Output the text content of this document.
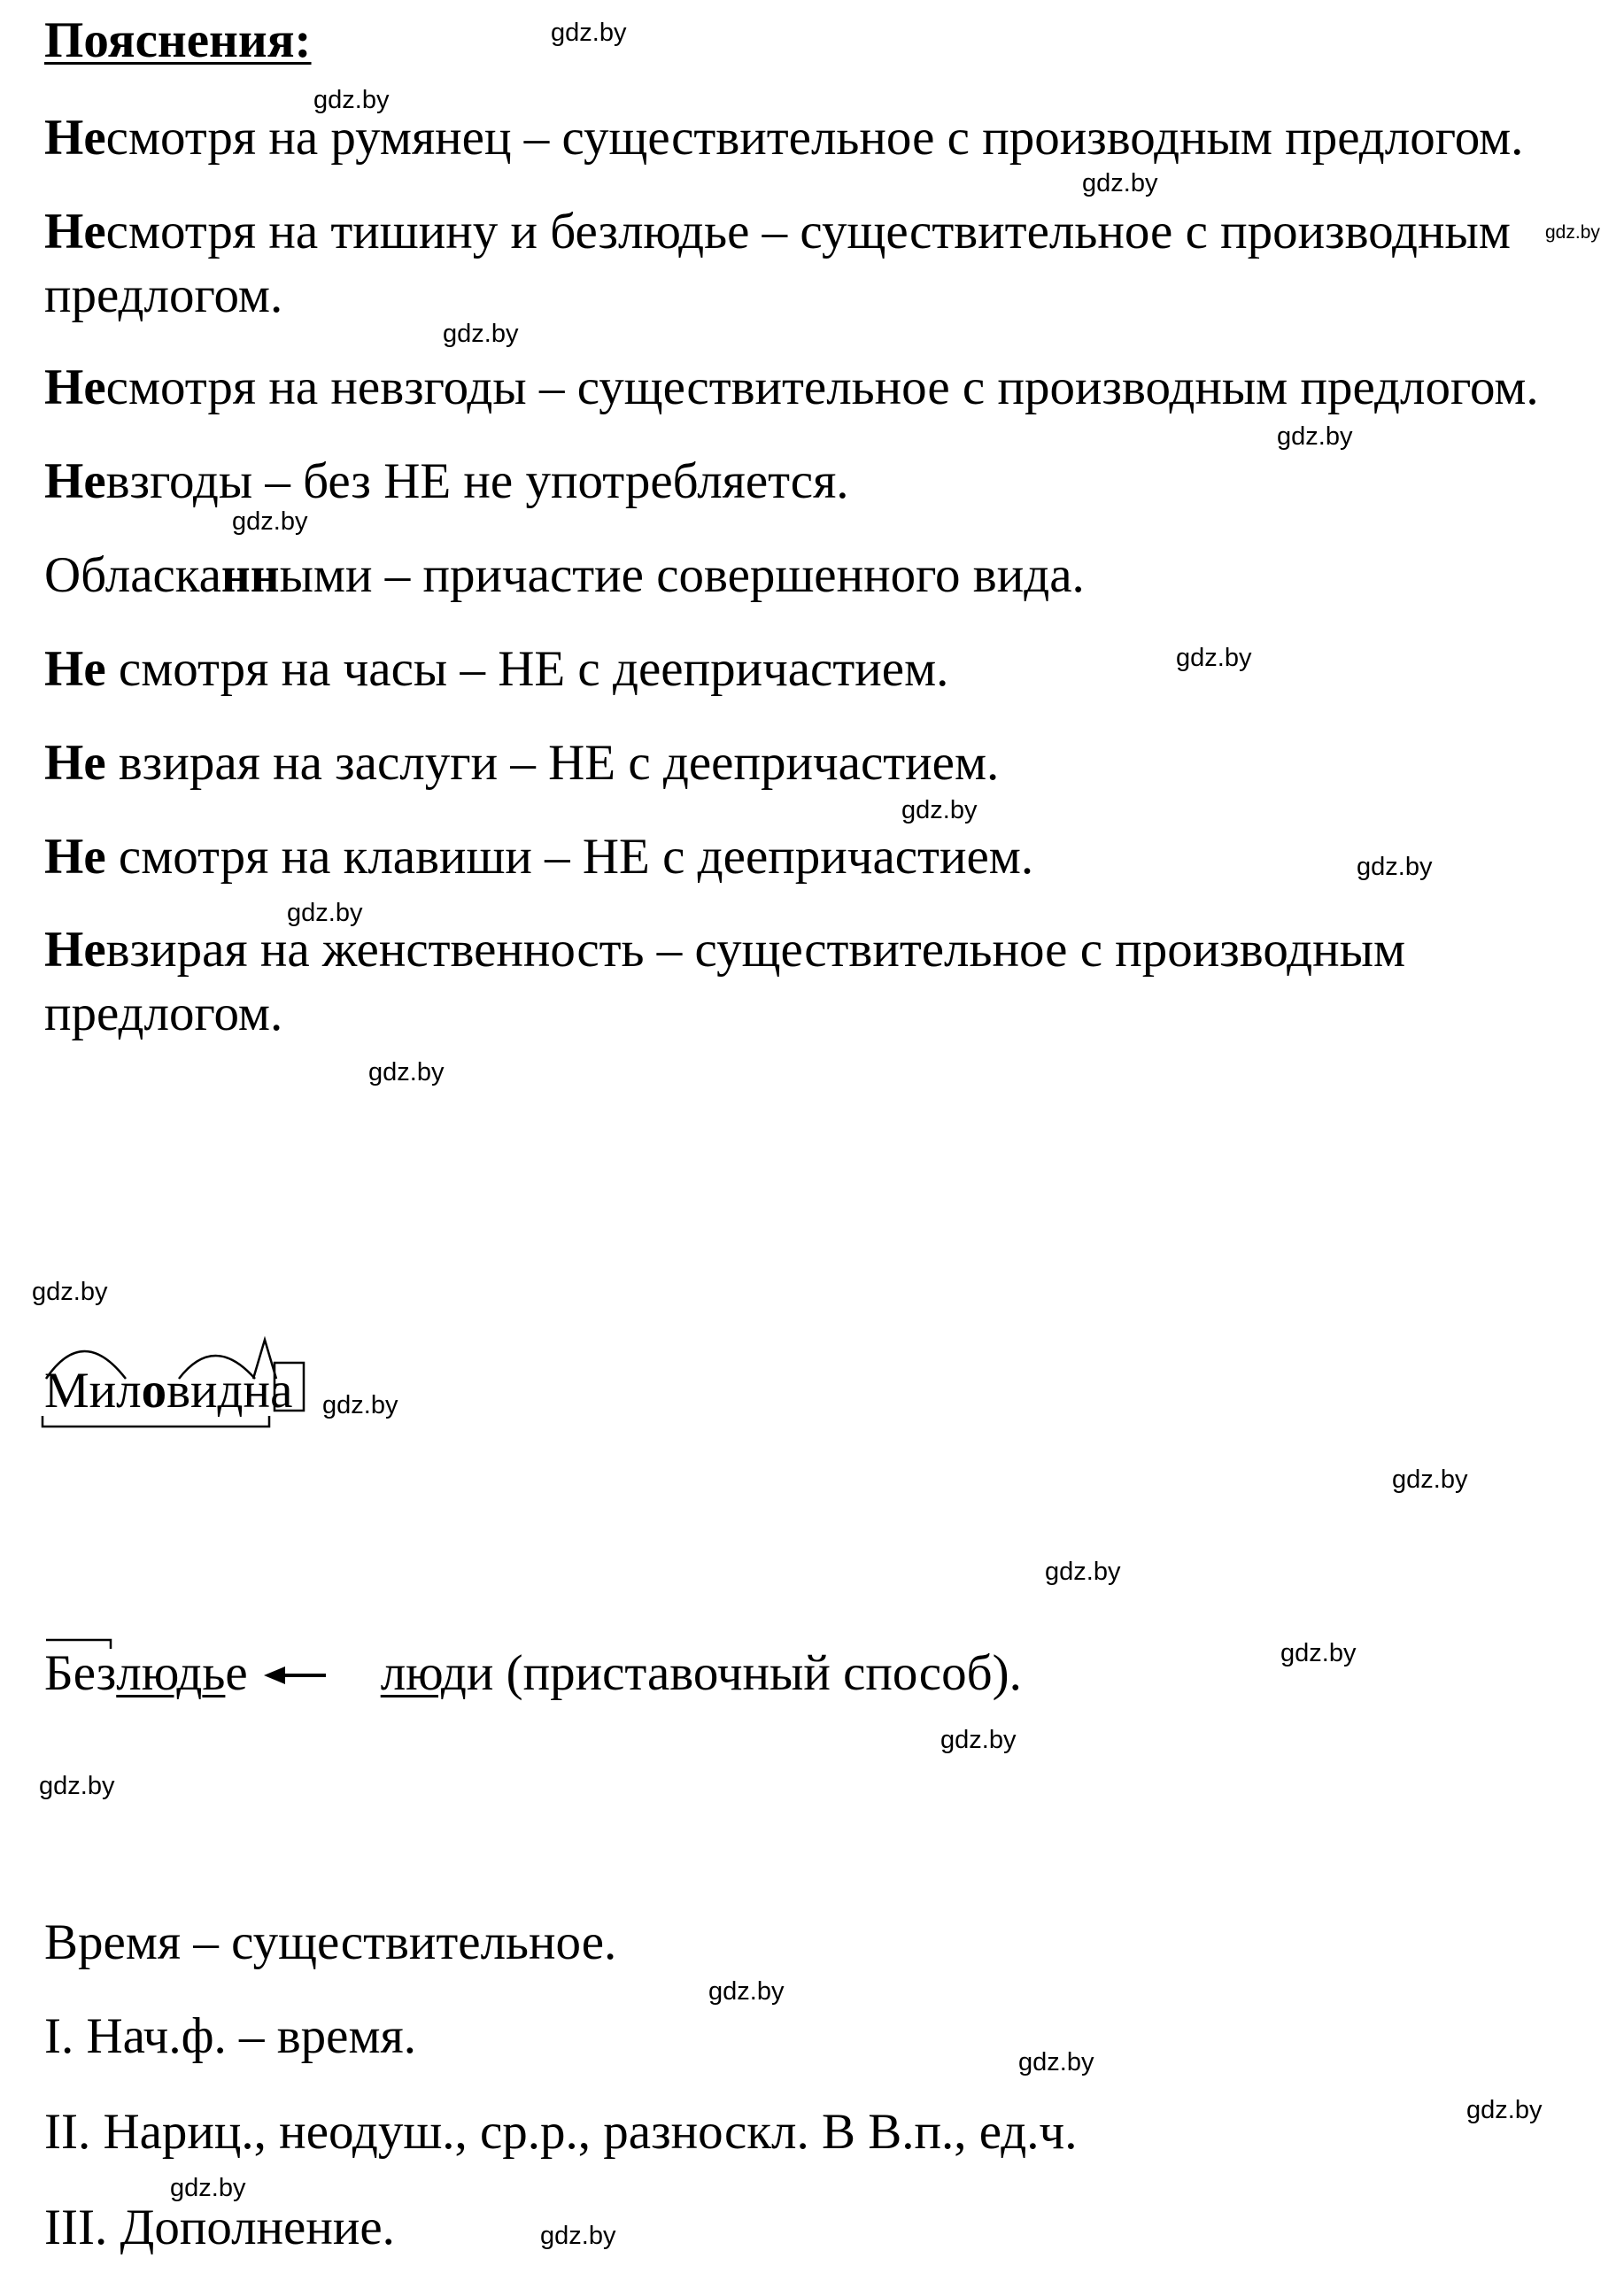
Пояснения:
Несмотря на румянец – существительное с производным предлогом.
Несмотря на тишину и безлюдье – существительное с производным
предлогом.
Несмотря на невзгоды – существительное с производным предлогом.
Невзгоды – без НЕ не употребляется.
Обласканными – причастие совершенного вида.
Не смотря на часы – НЕ с деепричастием.
Не взирая на заслуги – НЕ с деепричастием.
Не смотря на клавиши – НЕ с деепричастием.
Невзирая на женственность – существительное с производным
предлогом.
Миловидна
Безлюдье	люди (приставочный способ).
Время – существительное.
I. Нач.ф. – время.
II. Нариц., неодуш., ср.р., разноскл. В В.п., ед.ч.
III. Дополнение.
gdz.by
gdz.by
gdz.by
gdz.by
gdz.by
gdz.by
gdz.by
gdz.by
gdz.by
gdz.by
gdz.by
gdz.by
gdz.by
gdz.by
gdz.by
gdz.by
gdz.by
gdz.by
gdz.by
gdz.by
gdz.by
gdz.by
gdz.by
gdz.by
